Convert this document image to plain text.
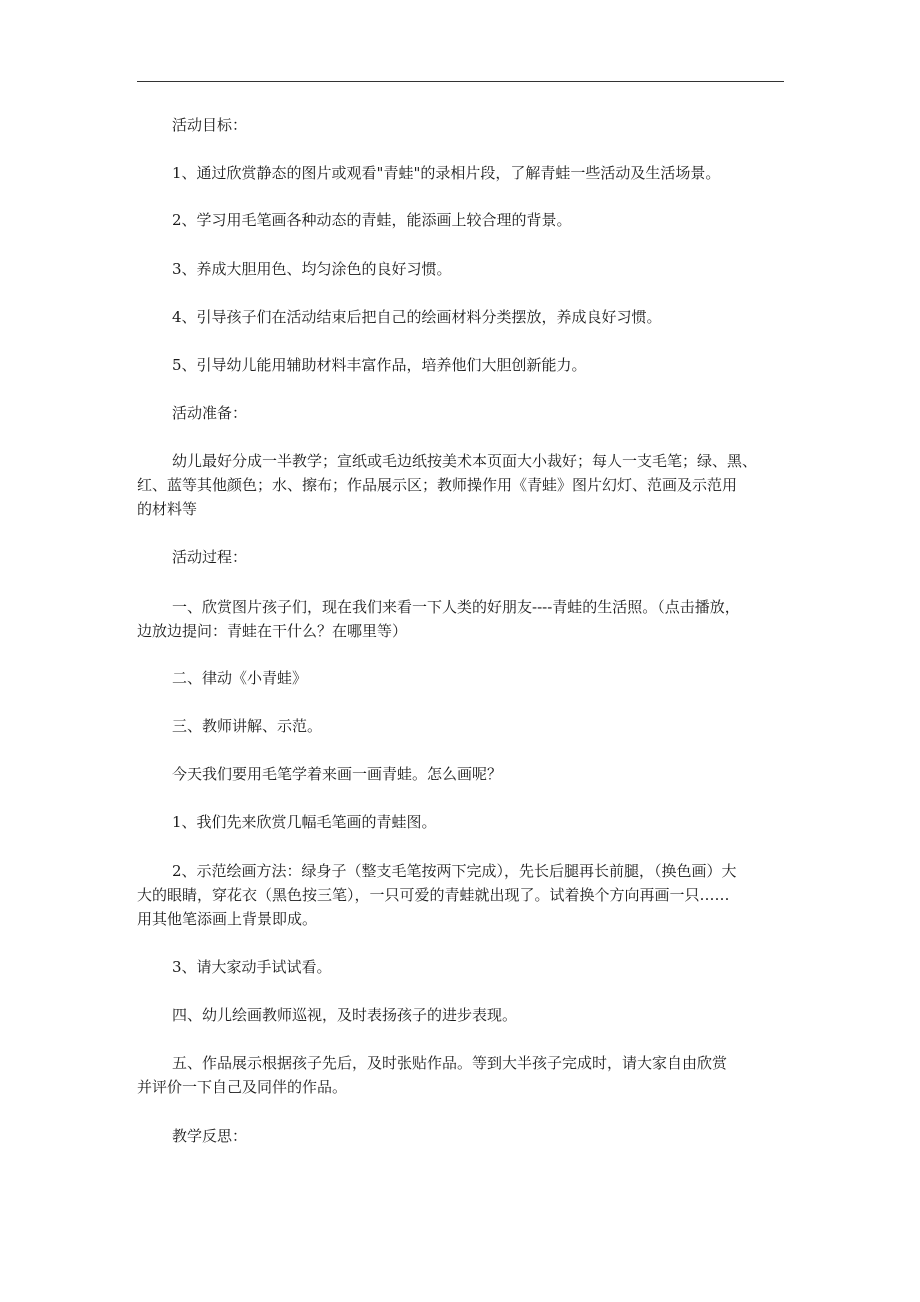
活动目标：
1、通过欣赏静态的图片或观看"青蛙"的录相片段，了解青蛙一些活动及生活场景。
2、学习用毛笔画各种动态的青蛙，能添画上较合理的背景。
3、养成大胆用色、均匀涂色的良好习惯。
4、引导孩子们在活动结束后把自己的绘画材料分类摆放，养成良好习惯。
5、引导幼儿能用辅助材料丰富作品，培养他们大胆创新能力。
活动准备：
幼儿最好分成一半教学；宣纸或毛边纸按美术本页面大小裁好；每人一支毛笔；绿、黑、
红、蓝等其他颜色；水、擦布；作品展示区；教师操作用《青蛙》图片幻灯、范画及示范用
的材料等
活动过程：
一、欣赏图片孩子们，现在我们来看一下人类的好朋友----青蛙的生活照。（点击播放，
边放边提问：青蛙在干什么？在哪里等）
二、律动《小青蛙》
三、教师讲解、示范。
今天我们要用毛笔学着来画一画青蛙。怎么画呢？
1、我们先来欣赏几幅毛笔画的青蛙图。
2、示范绘画方法：绿身子（整支毛笔按两下完成），先长后腿再长前腿，（换色画）大
大的眼睛，穿花衣（黑色按三笔），一只可爱的青蛙就出现了。试着换个方向再画一只……
用其他笔添画上背景即成。
3、请大家动手试试看。
四、幼儿绘画教师巡视，及时表扬孩子的进步表现。
五、作品展示根据孩子先后，及时张贴作品。等到大半孩子完成时，请大家自由欣赏
并评价一下自己及同伴的作品。
教学反思：
